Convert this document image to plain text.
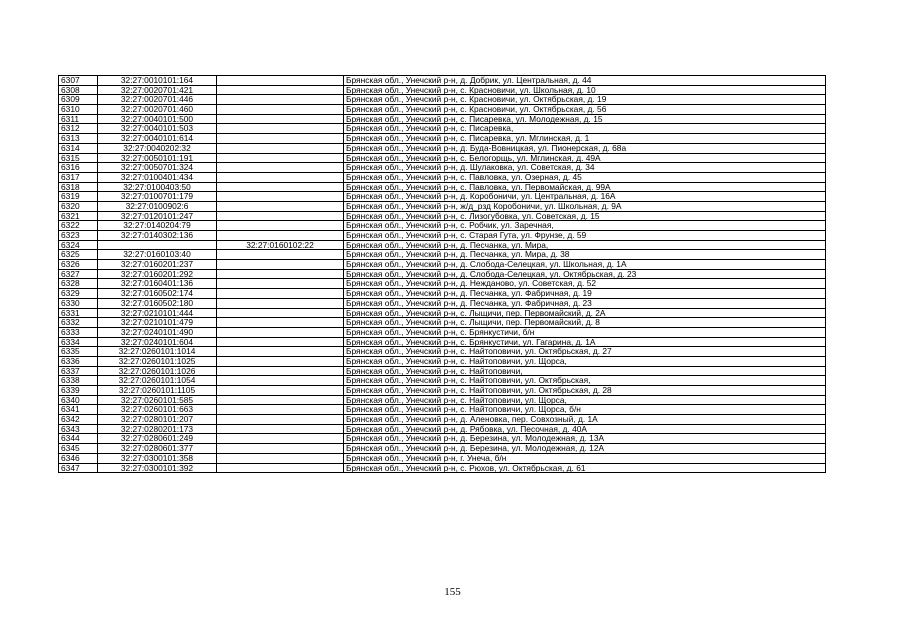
6307	32:27:0010101:164		Брянская обл., Унечский р-н, д. Добрик, ул. Центральная, д. 44
6308	32:27:0020701:421		Брянская обл., Унечский р-н, с. Красновичи, ул. Школьная, д. 10
6309	32:27:0020701:446		Брянская обл., Унечский р-н, с. Красновичи, ул. Октябрьская, д. 19
6310	32:27:0020701:460		Брянская обл., Унечский р-н, с. Красновичи, ул. Октябрьская, д. 56
6311	32:27:0040101:500		Брянская обл., Унечский р-н, с. Писаревка, ул. Молодежная, д. 15
6312	32:27:0040101:503		Брянская обл., Унечский р-н, с. Писаревка,
6313	32:27:0040101:614		Брянская обл., Унечский р-н, с. Писаревка, ул. Мглинская, д. 1
6314	32:27:0040202:32		Брянская обл., Унечский р-н, д. Буда-Вовницкая, ул. Пионерская, д. 68а
6315	32:27:0050101:191		Брянская обл., Унечский р-н, с. Белогорщь, ул. Мглинская, д. 49А
6316	32:27:0050701:324		Брянская обл., Унечский р-н, д. Шулаковка, ул. Советская, д. 34
6317	32:27:0100401:434		Брянская обл., Унечский р-н, с. Павловка, ул. Озерная, д. 45
6318	32:27:0100403:50		Брянская обл., Унечский р-н, с. Павловка, ул. Первомайская, д. 99А
6319	32:27:0100701:179		Брянская обл., Унечский р-н, д. Коробоничи, ул. Центральная, д. 16А
6320	32:27:0100902:6		Брянская обл., Унечский р-н, ж/д_рзд Коробоничи, ул. Школьная, д. 9А
6321	32:27:0120101:247		Брянская обл., Унечский р-н, с. Лизогубовка, ул. Советская, д. 15
6322	32:27:0140204:79		Брянская обл., Унечский р-н, с. Робчик, ул. Заречная,
6323	32:27:0140302:136		Брянская обл., Унечский р-н, с. Старая Гута, ул. Фрунзе, д. 59
6324		32:27:0160102:22	Брянская обл., Унечский р-н, д. Песчанка, ул. Мира,
6325	32:27:0160103:40		Брянская обл., Унечский р-н, д. Песчанка, ул. Мира, д. 38
6326	32:27:0160201:237		Брянская обл., Унечский р-н, д. Слобода-Селецкая, ул. Школьная, д. 1А
6327	32:27:0160201:292		Брянская обл., Унечский р-н, д. Слобода-Селецкая, ул. Октябрьская, д. 23
6328	32:27:0160401:136		Брянская обл., Унечский р-н, д. Нежданово, ул. Советская, д. 52
6329	32:27:0160502:174		Брянская обл., Унечский р-н, д. Песчанка, ул. Фабричная, д. 19
6330	32:27:0160502:180		Брянская обл., Унечский р-н, д. Песчанка, ул. Фабричная, д. 23
6331	32:27:0210101:444		Брянская обл., Унечский р-н, с. Лыщичи, пер. Первомайский, д. 2А
6332	32:27:0210101:479		Брянская обл., Унечский р-н, с. Лыщичи, пер. Первомайский, д. 8
6333	32:27:0240101:490		Брянская обл., Унечский р-н, с. Брянкустичи, б/н
6334	32:27:0240101:604		Брянская обл., Унечский р-н, с. Брянкустичи, ул. Гагарина, д. 1А
6335	32:27:0260101:1014		Брянская обл., Унечский р-н, с. Найтоповичи, ул. Октябрьская, д. 27
6336	32:27:0260101:1025		Брянская обл., Унечский р-н, с. Найтоповичи, ул. Щорса,
6337	32:27:0260101:1026		Брянская обл., Унечский р-н, с. Найтоповичи,
6338	32:27:0260101:1054		Брянская обл., Унечский р-н, с. Найтоповичи, ул. Октябрьская,
6339	32:27:0260101:1105		Брянская обл., Унечский р-н, с. Найтоповичи, ул. Октябрьская, д. 28
6340	32:27:0260101:585		Брянская обл., Унечский р-н, с. Найтоповичи, ул. Щорса,
6341	32:27:0260101:663		Брянская обл., Унечский р-н, с. Найтоповичи, ул. Щорса, б/н
6342	32:27:0280101:207		Брянская обл., Унечский р-н, д. Аленовка, пер. Совхозный, д. 1А
6343	32:27:0280201:173		Брянская обл., Унечский р-н, д. Рябовка, ул. Песочная, д. 40А
6344	32:27:0280601:249		Брянская обл., Унечский р-н, д. Березина, ул. Молодежная, д. 13А
6345	32:27:0280601:377		Брянская обл., Унечский р-н, д. Березина, ул. Молодежная, д. 12А
6346	32:27:0300101:358		Брянская обл., Унечский р-н, г. Унеча, б/н
6347	32:27:0300101:392		Брянская обл., Унечский р-н, с. Рюхов, ул. Октябрьская, д. 61
155
